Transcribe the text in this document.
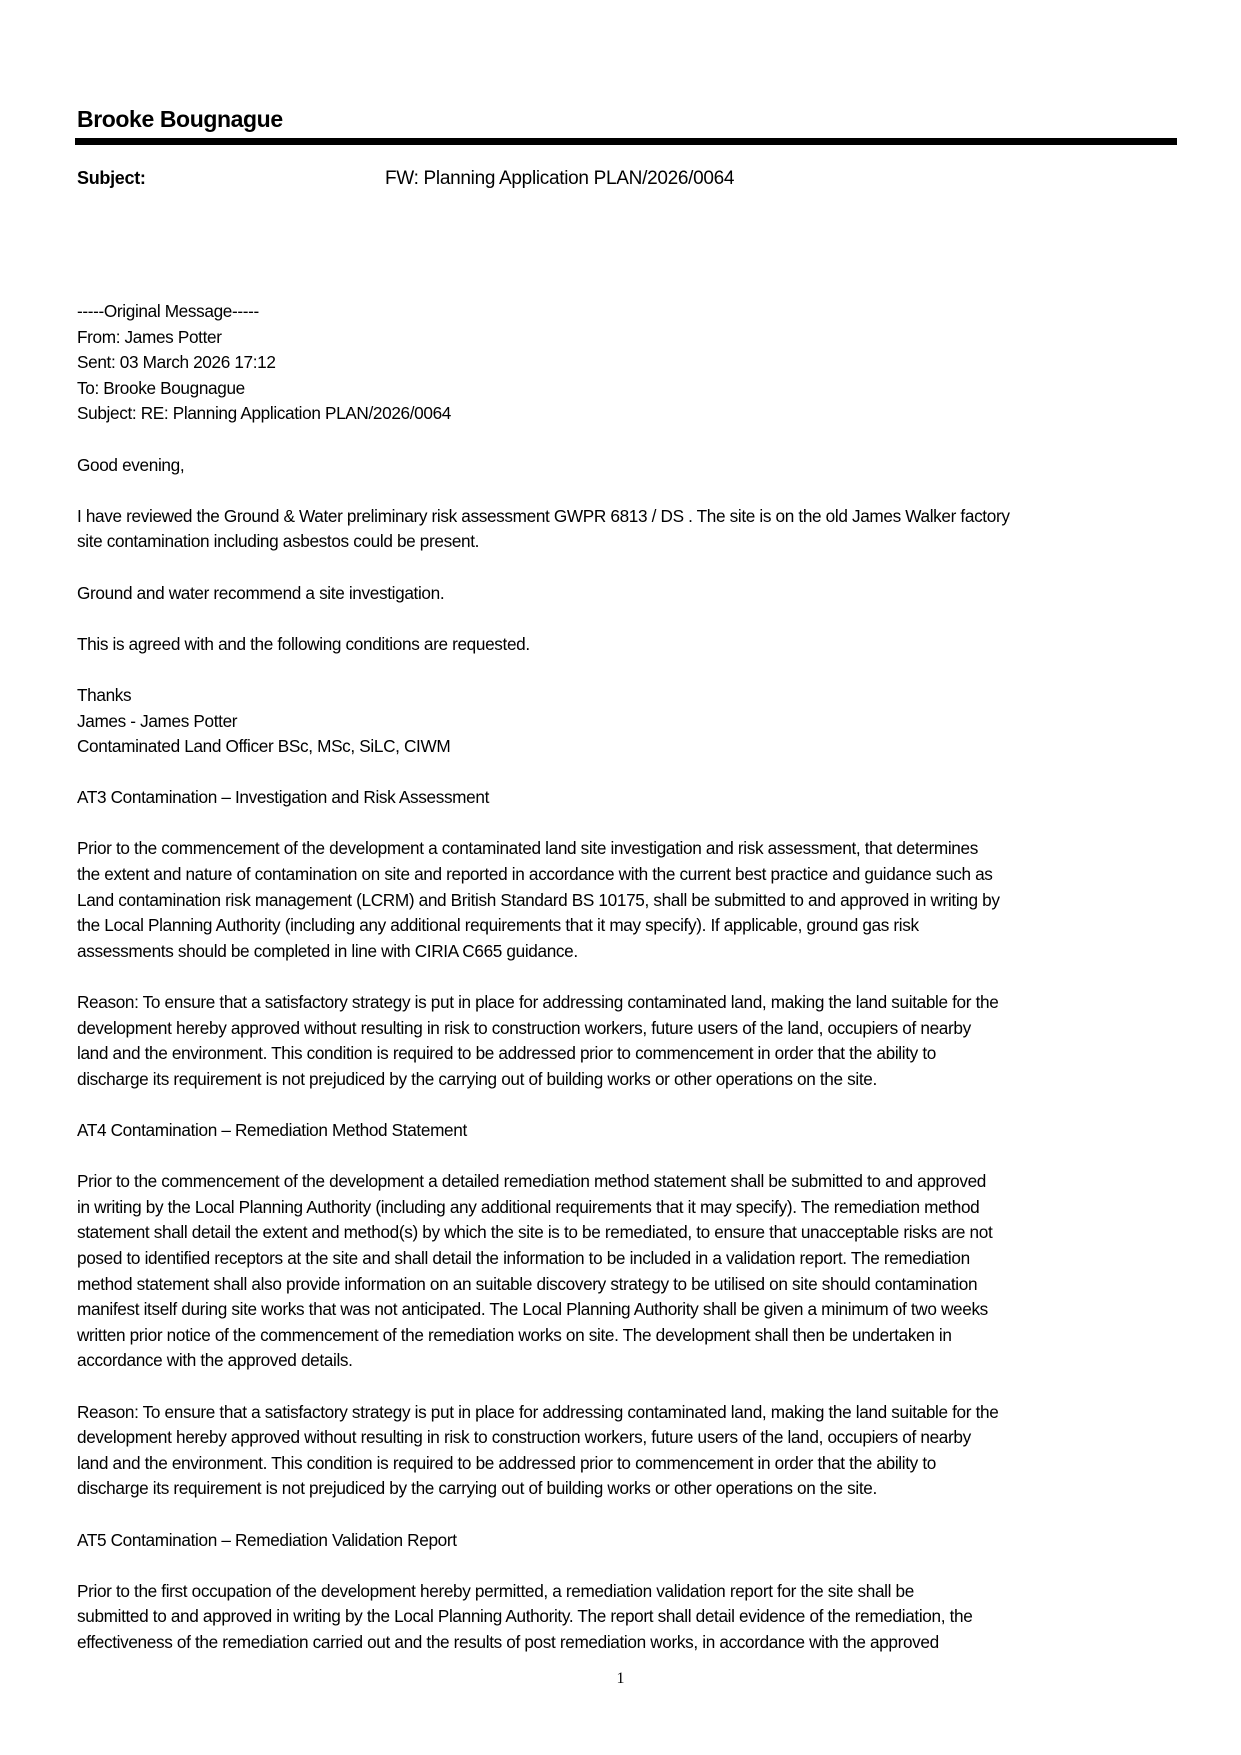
Brooke Bougnague
Subject:	FW: Planning Application PLAN/2026/0064
-----Original Message-----
From: James Potter
Sent: 03 March 2026 17:12
To: Brooke Bougnague
Subject: RE: Planning Application PLAN/2026/0064
Good evening,
I have reviewed the Ground & Water preliminary risk assessment GWPR 6813 / DS . The site is on the old James Walker factory
site contamination including asbestos could be present.
Ground and water recommend a site investigation.
This is agreed with and the following conditions are requested.
Thanks
James - James Potter
Contaminated Land Officer BSc, MSc, SiLC, CIWM
AT3 Contamination – Investigation and Risk Assessment
Prior to the commencement of the development a contaminated land site investigation and risk assessment, that determines
the extent and nature of contamination on site and reported in accordance with the current best practice and guidance such as
Land contamination risk management (LCRM) and British Standard BS 10175, shall be submitted to and approved in writing by
the Local Planning Authority (including any additional requirements that it may specify). If applicable, ground gas risk
assessments should be completed in line with CIRIA C665 guidance.
Reason: To ensure that a satisfactory strategy is put in place for addressing contaminated land, making the land suitable for the
development hereby approved without resulting in risk to construction workers, future users of the land, occupiers of nearby
land and the environment. This condition is required to be addressed prior to commencement in order that the ability to
discharge its requirement is not prejudiced by the carrying out of building works or other operations on the site.
AT4 Contamination – Remediation Method Statement
Prior to the commencement of the development a detailed remediation method statement shall be submitted to and approved
in writing by the Local Planning Authority (including any additional requirements that it may specify). The remediation method
statement shall detail the extent and method(s) by which the site is to be remediated, to ensure that unacceptable risks are not
posed to identified receptors at the site and shall detail the information to be included in a validation report. The remediation
method statement shall also provide information on an suitable discovery strategy to be utilised on site should contamination
manifest itself during site works that was not anticipated. The Local Planning Authority shall be given a minimum of two weeks
written prior notice of the commencement of the remediation works on site. The development shall then be undertaken in
accordance with the approved details.
Reason: To ensure that a satisfactory strategy is put in place for addressing contaminated land, making the land suitable for the
development hereby approved without resulting in risk to construction workers, future users of the land, occupiers of nearby
land and the environment. This condition is required to be addressed prior to commencement in order that the ability to
discharge its requirement is not prejudiced by the carrying out of building works or other operations on the site.
AT5 Contamination – Remediation Validation Report
Prior to the first occupation of the development hereby permitted, a remediation validation report for the site shall be
submitted to and approved in writing by the Local Planning Authority. The report shall detail evidence of the remediation, the
effectiveness of the remediation carried out and the results of post remediation works, in accordance with the approved
1
